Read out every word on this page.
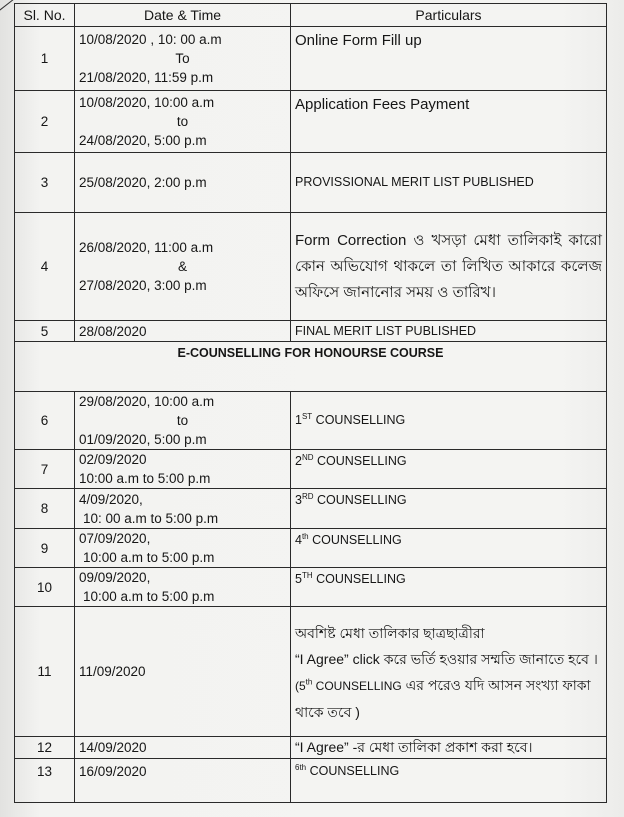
Sl. No.	Date & Time	Particulars
1	10/08/2020 , 10: 00 a.m

To
21/08/2020, 11:59 p.m	Online Form Fill up
2	10/08/2020, 10:00 a.m

to
24/08/2020, 5:00 p.m	Application Fees Payment
3	25/08/2020, 2:00 p.m	PROVISSIONAL MERIT LIST PUBLISHED
4	26/08/2020, 11:00 a.m

&
27/08/2020, 3:00 p.m	Form Correction ও খসড়া মেধা তালিকাই কারো কোন অভিযোগ থাকলে তা লিখিত আকারে কলেজ অফিসে জানানোর সময় ও তারিখ।
5	28/08/2020	FINAL MERIT LIST PUBLISHED
E-COUNSELLING FOR HONOURSE COURSE		
6	29/08/2020, 10:00 a.m

to
01/09/2020, 5:00 p.m	1ST COUNSELLING
7	02/09/2020
10:00 a.m to 5:00 p.m	2ND COUNSELLING
8	4/09/2020,
10: 00 a.m to 5:00 p.m	3RD COUNSELLING
9	07/09/2020,
10:00 a.m to 5:00 p.m	4th COUNSELLING
10	09/09/2020,
10:00 a.m to 5:00 p.m	5TH COUNSELLING
11	11/09/2020	অবশিষ্ট মেধা তালিকার ছাত্রছাত্রীরা
“I Agree” click করে ভর্তি হওয়ার সম্মতি জানাতে হবে ।
(5th COUNSELLING এর পরেও যদি আসন সংখ্যা ফাকা থাকে তবে )
12	14/09/2020	“I Agree” -র মেধা তালিকা প্রকাশ করা হবে।
13	16/09/2020	$^{6th}$ COUNSELLING
